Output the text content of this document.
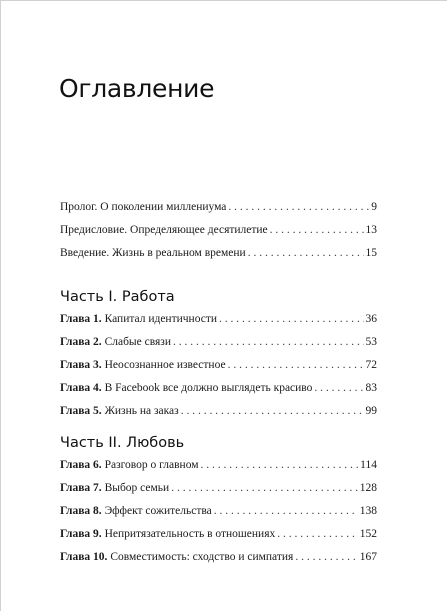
Оглавление
Пролог. О поколении миллениума . . .	9
Предисловие. Определяющее десятилетие . . .	13
Введение. Жизнь в реальном времени . . .	15
Часть I. Работа
Глава 1. Капитал идентичности . . .	36
Глава 2. Слабые связи . . .	53
Глава 3. Неосознанное известное . . .	72
Глава 4. В Facebook все должно выглядеть красиво . . .	83
Глава 5. Жизнь на заказ . . .	99
Часть II. Любовь
Глава 6. Разговор о главном . . .	114
Глава 7. Выбор семьи . . .	128
Глава 8. Эффект сожительства . . .	138
Глава 9. Непритязательность в отношениях . . .	152
Глава 10. Совместимость: сходство и симпатия . . .	167
